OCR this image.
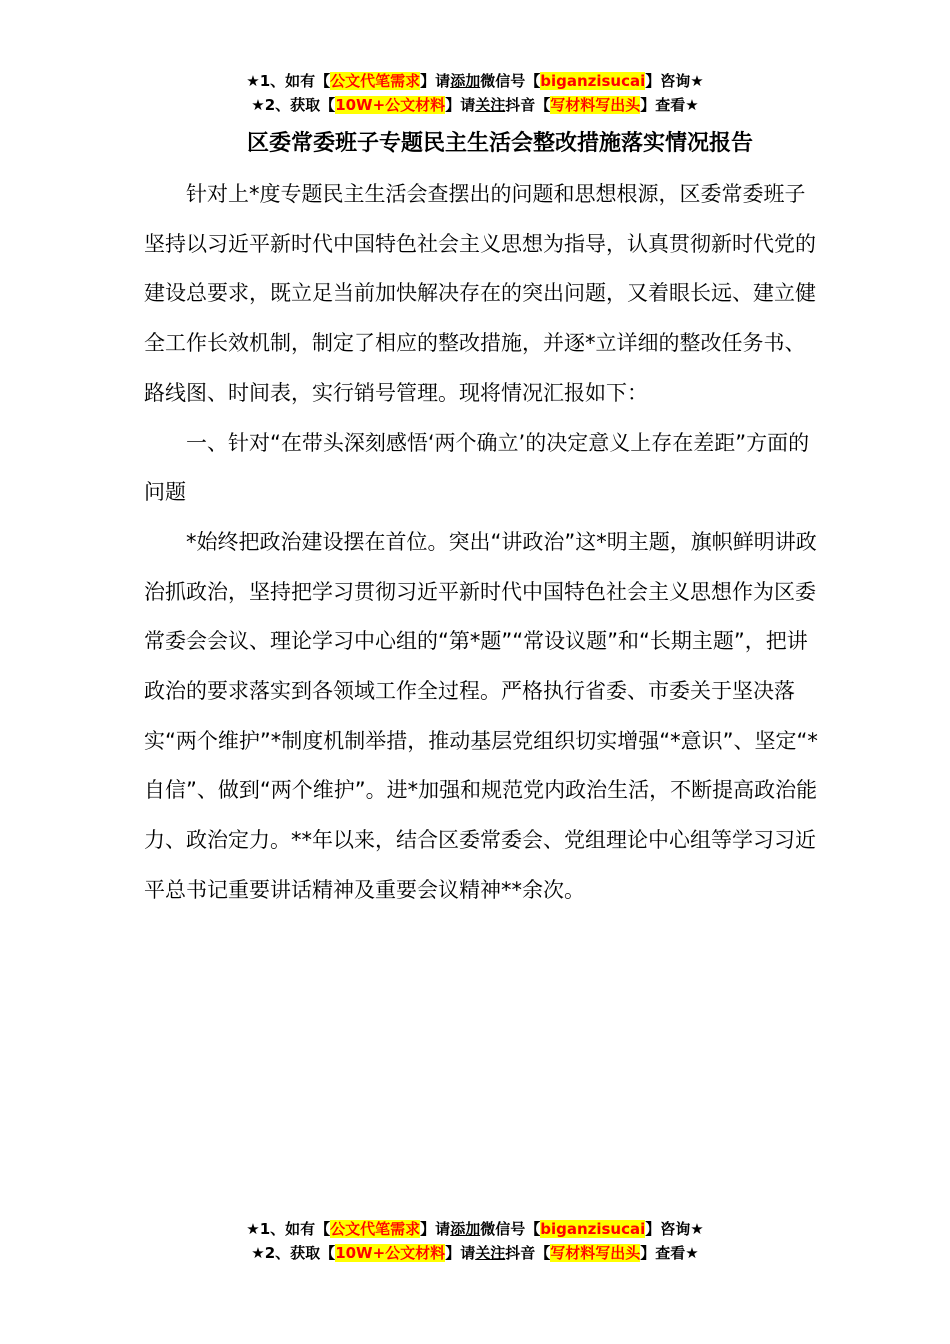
★1、如有【公文代笔需求】请添加微信号【biganzisucai】咨询★
★2、获取【10W+公文材料】请关注抖音【写材料写出头】查看★
区委常委班子专题民主生活会整改措施落实情况报告

针对上*度专题民主生活会查摆出的问题和思想根源，区委常委班子坚持以习近平新时代中国特色社会主义思想为指导，认真贯彻新时代党的建设总要求，既立足当前加快解决存在的突出问题，又着眼长远、建立健全工作长效机制，制定了相应的整改措施，并逐*立详细的整改任务书、路线图、时间表，实行销号管理。现将情况汇报如下：

一、针对“在带头深刻感悟‘两个确立’的决定意义上存在差距”方面的问题

*始终把政治建设摆在首位。突出“讲政治”这*明主题，旗帜鲜明讲政治抓政治，坚持把学习贯彻习近平新时代中国特色社会主义思想作为区委常委会会议、理论学习中心组的“第*题”“常设议题”和“长期主题”，把讲政治的要求落实到各领域工作全过程。严格执行省委、市委关于坚决落实“两个维护”*制度机制举措，推动基层党组织切实增强“*意识”、坚定“*自信”、做到“两个维护”。进*加强和规范党内政治生活，不断提高政治能力、政治定力。**年以来，结合区委常委会、党组理论中心组等学习习近平总书记重要讲话精神及重要会议精神**余次。

★1、如有【公文代笔需求】请添加微信号【biganzisucai】咨询★
★2、获取【10W+公文材料】请关注抖音【写材料写出头】查看★
